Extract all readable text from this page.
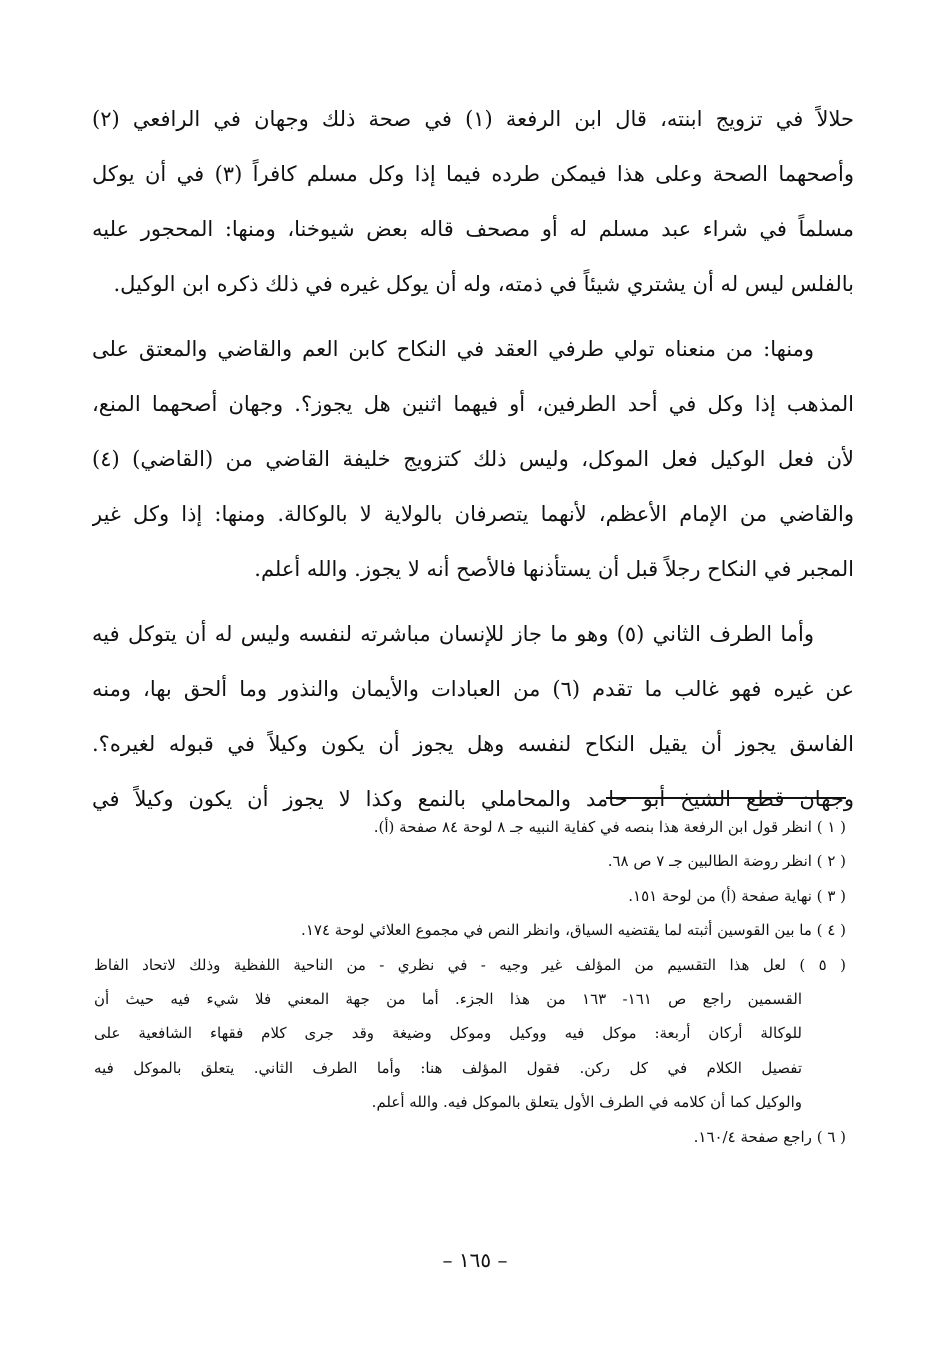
حلالاً في تزويج ابنته، قال ابن الرفعة (١) في صحة ذلك وجهان في الرافعي (٢)
وأصحهما الصحة وعلى هذا فيمكن طرده فيما إذا وكل مسلم كافراً (٣) في أن يوكل
مسلماً في شراء عبد مسلم له أو مصحف قاله بعض شيوخنا، ومنها: المحجور عليه
بالفلس ليس له أن يشتري شيئاً في ذمته، وله أن يوكل غيره في ذلك ذكره ابن الوكيل.
ومنها: من منعناه تولي طرفي العقد في النكاح كابن العم والقاضي والمعتق على
المذهب إذا وكل في أحد الطرفين، أو فيهما اثنين هل يجوز؟. وجهان أصحهما المنع،
لأن فعل الوكيل فعل الموكل، وليس ذلك كتزويج خليفة القاضي من (القاضي) (٤)
والقاضي من الإمام الأعظم، لأنهما يتصرفان بالولاية لا بالوكالة. ومنها: إذا وكل غير
المجبر في النكاح رجلاً قبل أن يستأذنها فالأصح أنه لا يجوز. والله أعلم.
وأما الطرف الثاني (٥) وهو ما جاز للإنسان مباشرته لنفسه وليس له أن يتوكل فيه
عن غيره فهو غالب ما تقدم (٦) من العبادات والأيمان والنذور وما ألحق بها، ومنه
الفاسق يجوز أن يقيل النكاح لنفسه وهل يجوز أن يكون وكيلاً في قبوله لغيره؟.
وجهان قطع الشيخ أبو حامد والمحاملي بالنمع وكذا لا يجوز أن يكون وكيلاً في
( ١ ) انظر قول ابن الرفعة هذا بنصه في كفاية النبيه جـ ٨ لوحة ٨٤ صفحة (أ).
( ٢ ) انظر روضة الطالبين جـ ٧ ص ٦٨.
( ٣ ) نهاية صفحة (أ) من لوحة ١٥١.
( ٤ ) ما بين القوسين أثبته لما يقتضيه السياق، وانظر النص في مجموع العلائي لوحة ١٧٤.
( ٥ ) لعل هذا التقسيم من المؤلف غير وجيه - في نظري - من الناحية اللفظية وذلك لاتحاد الفاظ
القسمين راجع ص ١٦١- ١٦٣ من هذا الجزء. أما من جهة المعني فلا شيء فيه حيث أن
للوكالة أركان أربعة: موكل فيه ووكيل وموكل وضيغة وقد جرى كلام فقهاء الشافعية على
تفصيل الكلام في كل ركن. فقول المؤلف هنا: وأما الطرف الثاني. يتعلق بالموكل فيه
والوكيل كما أن كلامه في الطرف الأول يتعلق بالموكل فيه. والله أعلم.
( ٦ ) راجع صفحة ١٦٠/٤.
– ١٦٥ –
